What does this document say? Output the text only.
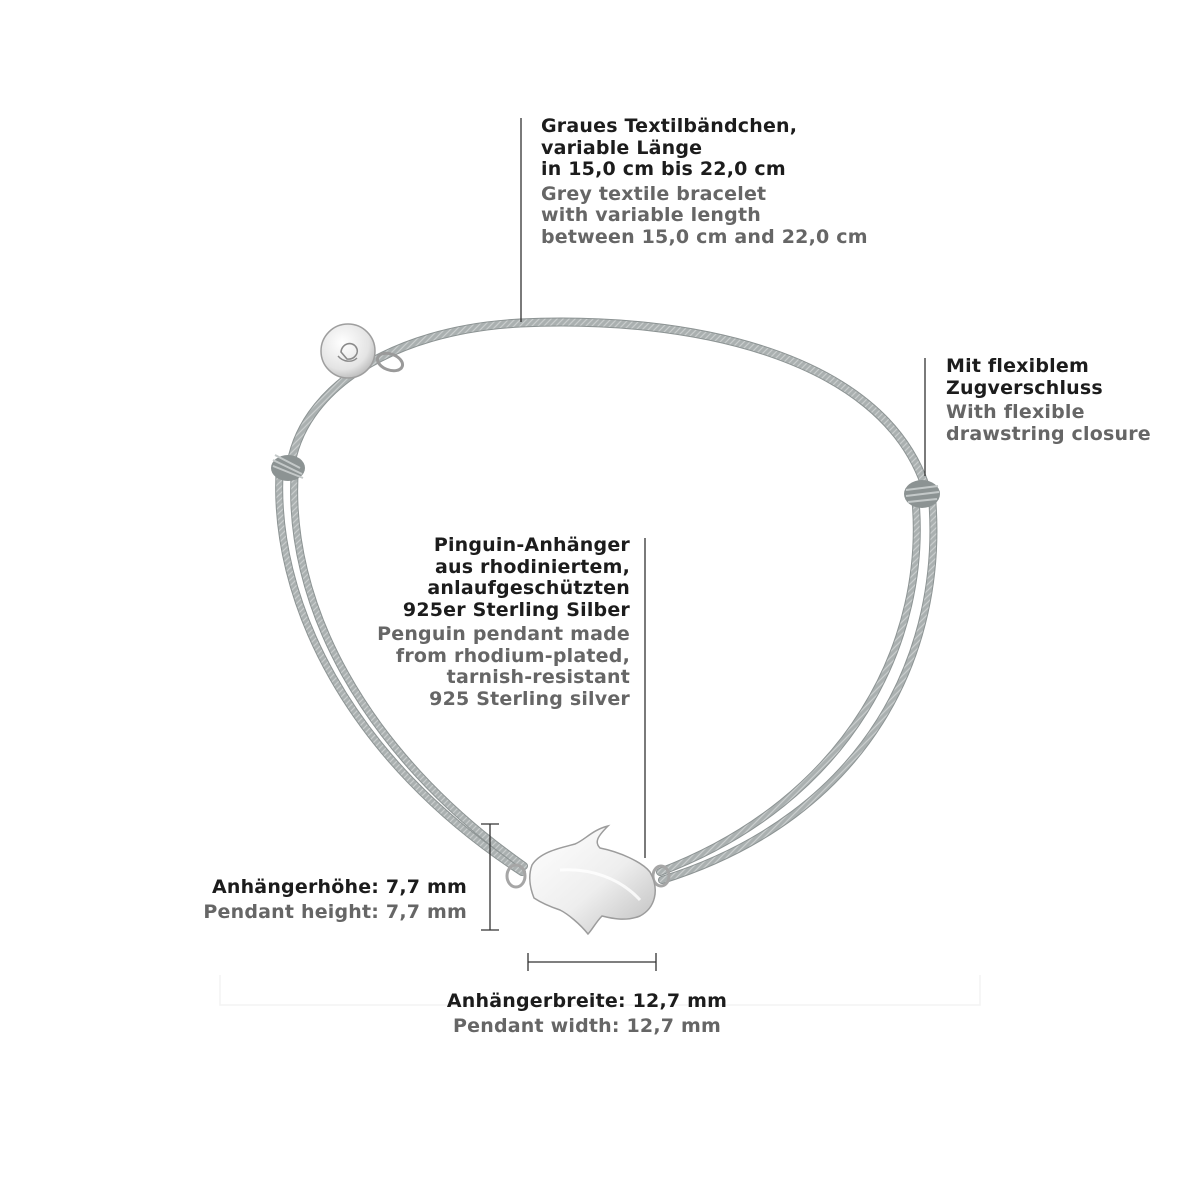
Graues Textilbändchen,
variable Länge
in 15,0 cm bis 22,0 cm
Grey textile bracelet
with variable length
between 15,0 cm and 22,0 cm
Mit flexiblem
Zugverschluss
With flexible
drawstring closure
Pinguin-Anhänger
aus rhodiniertem,
anlaufgeschützten
925er Sterling Silber
Penguin pendant made
from rhodium-plated,
tarnish-resistant
925 Sterling silver
Anhängerhöhe: 7,7 mm
Pendant height: 7,7 mm
Anhängerbreite: 12,7 mm
Pendant width: 12,7 mm
